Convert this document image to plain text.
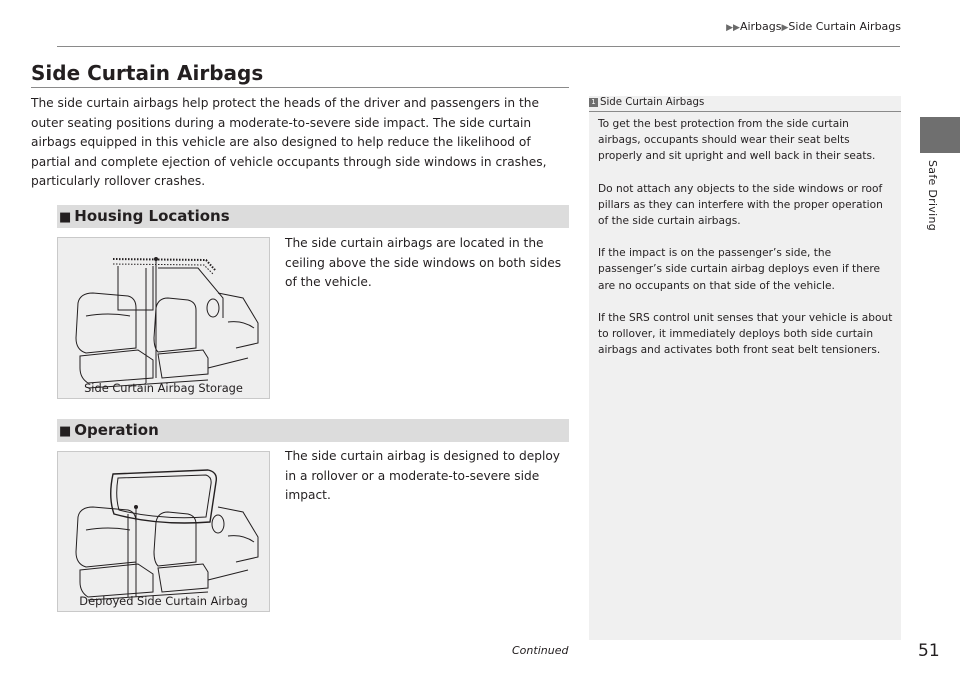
▶▶Airbags▶Side Curtain Airbags
Safe Driving
Side Curtain Airbags

The side curtain airbags help protect the heads of the driver and passengers in the outer seating positions during a moderate-to-severe side impact. The side curtain airbags equipped in this vehicle are also designed to help reduce the likelihood of partial and complete ejection of vehicle occupants through side windows in crashes, particularly rollover crashes.

■ Housing Locations

The side curtain airbags are located in the ceiling above the side windows on both sides of the vehicle.

Side Curtain Airbag Storage
■ Operation

The side curtain airbag is designed to deploy in a rollover or a moderate-to-severe side impact.

Deployed Side Curtain Airbag
1 Side Curtain Airbags

To get the best protection from the side curtain airbags, occupants should wear their seat belts properly and sit upright and well back in their seats.

Do not attach any objects to the side windows or roof pillars as they can interfere with the proper operation of the side curtain airbags.

If the impact is on the passenger’s side, the passenger’s side curtain airbag deploys even if there are no occupants on that side of the vehicle.

If the SRS control unit senses that your vehicle is about to rollover, it immediately deploys both side curtain airbags and activates both front seat belt tensioners.

Continued	51
